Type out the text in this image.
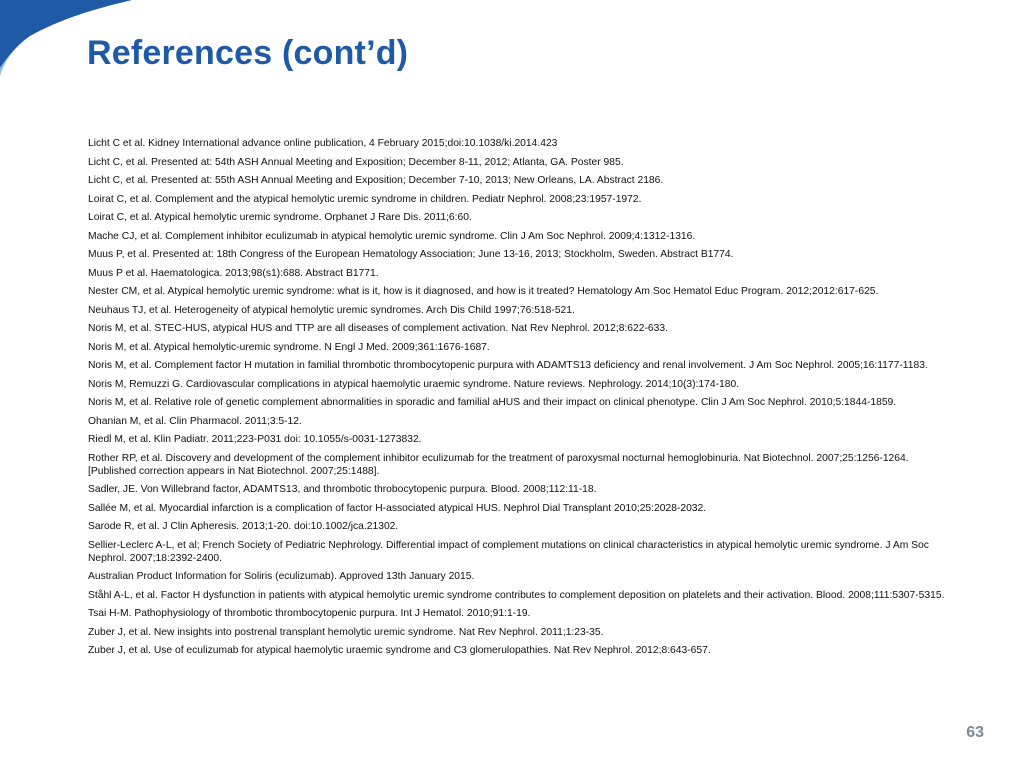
References (cont’d)
Licht C et al. Kidney International advance online publication, 4 February 2015;doi:10.1038/ki.2014.423
Licht C, et al. Presented at: 54th ASH Annual Meeting and Exposition; December 8-11, 2012; Atlanta, GA. Poster 985.
Licht C, et al. Presented at: 55th ASH Annual Meeting and Exposition; December 7-10, 2013; New Orleans, LA. Abstract 2186.
Loirat C, et al. Complement and the atypical hemolytic uremic syndrome in children. Pediatr Nephrol. 2008;23:1957-1972.
Loirat C, et al. Atypical hemolytic uremic syndrome. Orphanet J Rare Dis. 2011;6:60.
Mache CJ, et al. Complement inhibitor eculizumab in atypical hemolytic uremic syndrome. Clin J Am Soc Nephrol. 2009;4:1312-1316.
Muus P, et al. Presented at: 18th Congress of the European Hematology Association; June 13-16, 2013; Stockholm, Sweden. Abstract B1774.
Muus P et al. Haematologica. 2013;98(s1):688. Abstract B1771.
Nester CM, et al. Atypical hemolytic uremic syndrome: what is it, how is it diagnosed, and how is it treated? Hematology Am Soc Hematol Educ Program. 2012;2012:617-625.
Neuhaus TJ, et al. Heterogeneity of atypical hemolytic uremic syndromes. Arch Dis Child 1997;76:518-521.
Noris M, et al. STEC-HUS, atypical HUS and TTP are all diseases of complement activation. Nat Rev Nephrol. 2012;8:622-633.
Noris M, et al. Atypical hemolytic-uremic syndrome. N Engl J Med. 2009;361:1676-1687.
Noris M, et al. Complement factor H mutation in familial thrombotic thrombocytopenic purpura with ADAMTS13 deficiency and renal involvement. J Am Soc Nephrol. 2005;16:1177-1183.
Noris M, Remuzzi G. Cardiovascular complications in atypical haemolytic uraemic syndrome. Nature reviews. Nephrology. 2014;10(3):174-180.
Noris M, et al. Relative role of genetic complement abnormalities in sporadic and familial aHUS and their impact on clinical phenotype. Clin J Am Soc Nephrol. 2010;5:1844-1859.
Ohanian M, et al. Clin Pharmacol. 2011;3:5-12.
Riedl M, et al. Klin Padiatr. 2011;223-P031 doi: 10.1055/s-0031-1273832.
Rother RP, et al. Discovery and development of the complement inhibitor eculizumab for the treatment of paroxysmal nocturnal hemoglobinuria. Nat Biotechnol. 2007;25:1256-1264. [Published correction appears in Nat Biotechnol. 2007;25:1488].
Sadler, JE. Von Willebrand factor, ADAMTS13, and thrombotic throbocytopenic purpura. Blood. 2008;112:11-18.
Sallée M, et al. Myocardial infarction is a complication of factor H-associated atypical HUS. Nephrol Dial Transplant 2010;25:2028-2032.
Sarode R, et al. J Clin Apheresis. 2013;1-20. doi:10.1002/jca.21302.
Sellier-Leclerc A-L, et al; French Society of Pediatric Nephrology. Differential impact of complement mutations on clinical characteristics in atypical hemolytic uremic syndrome. J Am Soc Nephrol. 2007;18:2392-2400.
Australian Product Information for Soliris (eculizumab). Approved 13th January 2015.
Ståhl A-L, et al. Factor H dysfunction in patients with atypical hemolytic uremic syndrome contributes to complement deposition on platelets and their activation. Blood. 2008;111:5307-5315.
Tsai H-M. Pathophysiology of thrombotic thrombocytopenic purpura. Int J Hematol. 2010;91:1-19.
Zuber J, et al. New insights into postrenal transplant hemolytic uremic syndrome. Nat Rev Nephrol. 2011;1:23-35.
Zuber J, et al. Use of eculizumab for atypical haemolytic uraemic syndrome and C3 glomerulopathies. Nat Rev Nephrol. 2012;8:643-657.
63
